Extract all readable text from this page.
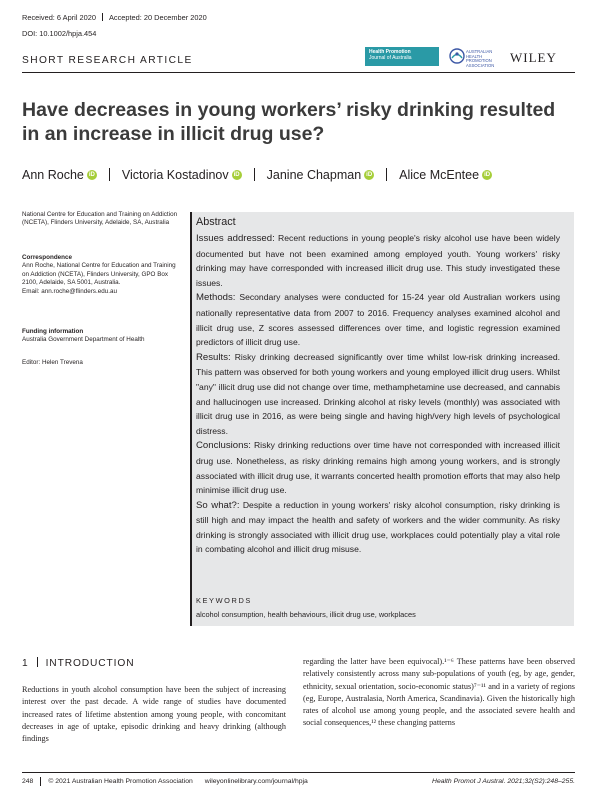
Received: 6 April 2020 Accepted: 20 December 2020
DOI: 10.1002/hpja.454
SHORT RESEARCH ARTICLE
Health Promotion
Journal of Australia
AUSTRALIAN
HEALTH
PROMOTION
ASSOCIATION
WILEY
Have decreases in young workers’ risky drinking resulted in an increase in illicit drug use?
Ann Roche iD Victoria Kostadinov iD Janine Chapman iD Alice McEntee iD
National Centre for Education and Training on Addiction (NCETA), Flinders University, Adelaide, SA, Australia
Correspondence
Ann Roche, National Centre for Education and Training on Addiction (NCETA), Flinders University, GPO Box 2100, Adelaide, SA 5001, Australia.
Email: ann.roche@flinders.edu.au
Funding information
Australia Government Department of Health
Editor: Helen Trevena
Abstract

Issues addressed: Recent reductions in young people's risky alcohol use have been widely documented but have not been examined among employed youth. Young workers' risky drinking may have corresponded with increased illicit drug use. This study investigated these issues.

Methods: Secondary analyses were conducted for 15-24 year old Australian workers using nationally representative data from 2007 to 2016. Frequency analyses examined alcohol and illicit drug use, Z scores assessed differences over time, and logistic regression examined predictors of illicit drug use.

Results: Risky drinking decreased significantly over time whilst low-risk drinking increased. This pattern was observed for both young workers and young employed illicit drug users. Whilst "any" illicit drug use did not change over time, methamphetamine use decreased, and cannabis and hallucinogen use increased. Drinking alcohol at risky levels (monthly) was associated with illicit drug use in 2016, as were being single and having high/very high levels of psychological distress.

Conclusions: Risky drinking reductions over time have not corresponded with increased illicit drug use. Nonetheless, as risky drinking remains high among young workers, and is strongly associated with illicit drug use, it warrants concerted health promotion efforts that may also help minimise illicit drug use.

So what?: Despite a reduction in young workers' risky alcohol consumption, risky drinking is still high and may impact the health and safety of workers and the wider community. As risky drinking is strongly associated with illicit drug use, workplaces could potentially play a vital role in combating alcohol and illicit drug misuse.

KEYWORDS
alcohol consumption, health behaviours, illicit drug use, workplaces
1 INTRODUCTION
Reductions in youth alcohol consumption have been the subject of increasing interest over the past decade. A wide range of studies have documented increased rates of lifetime abstention among young people, with concomitant decreases in age of uptake, episodic drinking and heavy drinking (although findings
regarding the latter have been equivocal).¹⁻⁶ These patterns have been observed relatively consistently across many sub-populations of youth (eg, by age, gender, ethnicity, sexual orientation, socio-economic status)⁷⁻¹¹ and in a variety of regions (eg, Europe, Australasia, North America, Scandinavia). Given the historically high rates of alcohol use among young people, and the associated severe health and social consequences,¹² these changing patterns
248 © 2021 Australian Health Promotion Association wileyonlinelibrary.com/journal/hpja	Health Promot J Austral. 2021;32(S2):248–255.
